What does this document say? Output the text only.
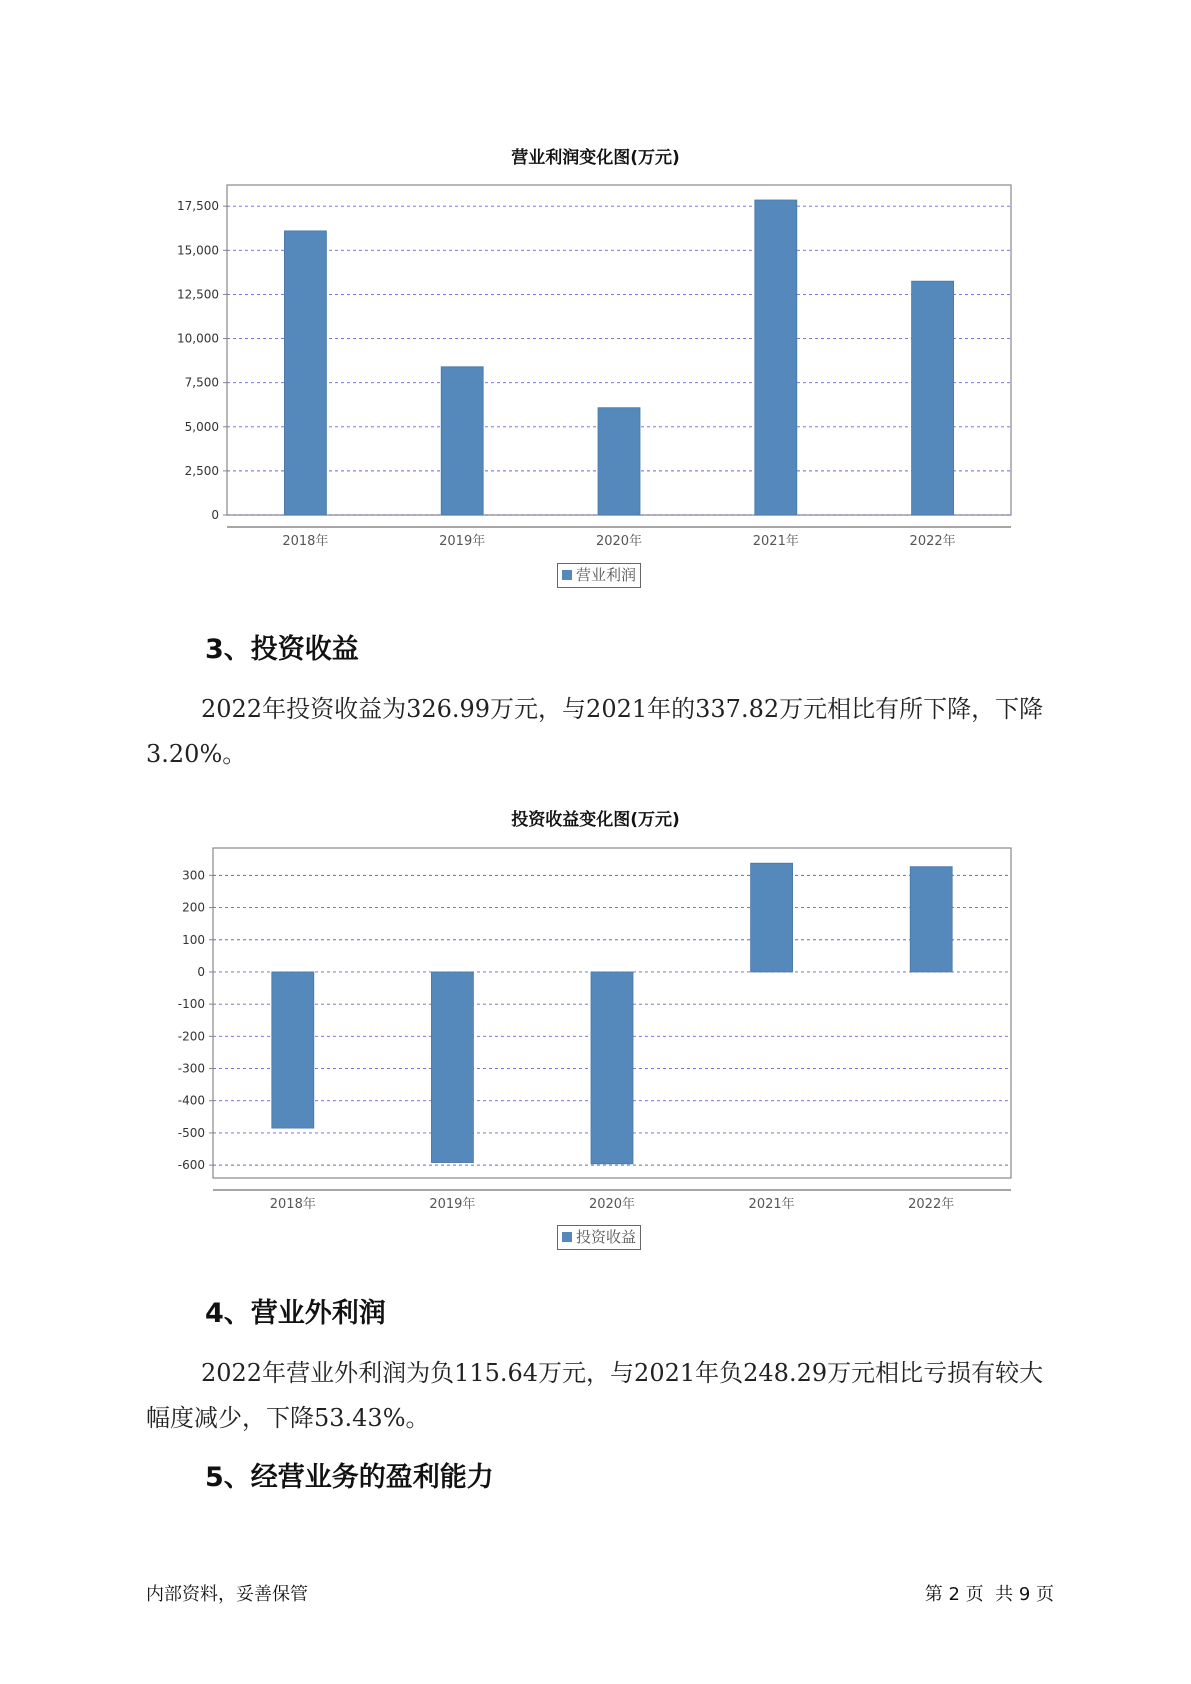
营业利润变化图(万元)
0
2,500
5,000
7,500
10,000
12,500
15,000
17,500
2018年	2019年	2020年	2021年	2022年
营业利润
3、投资收益

2022年投资收益为326.99万元，与2021年的337.82万元相比有所下降，下降3.20%。

投资收益变化图(万元)
-600
-500
-400
-300
-200
-100
0
100
200
300
2018年	2019年	2020年	2021年	2022年
投资收益
4、营业外利润

2022年营业外利润为负115.64万元，与2021年负248.29万元相比亏损有较大幅度减少，下降53.43%。

5、经营业务的盈利能力
内部资料，妥善保管	第 2 页  共 9 页
